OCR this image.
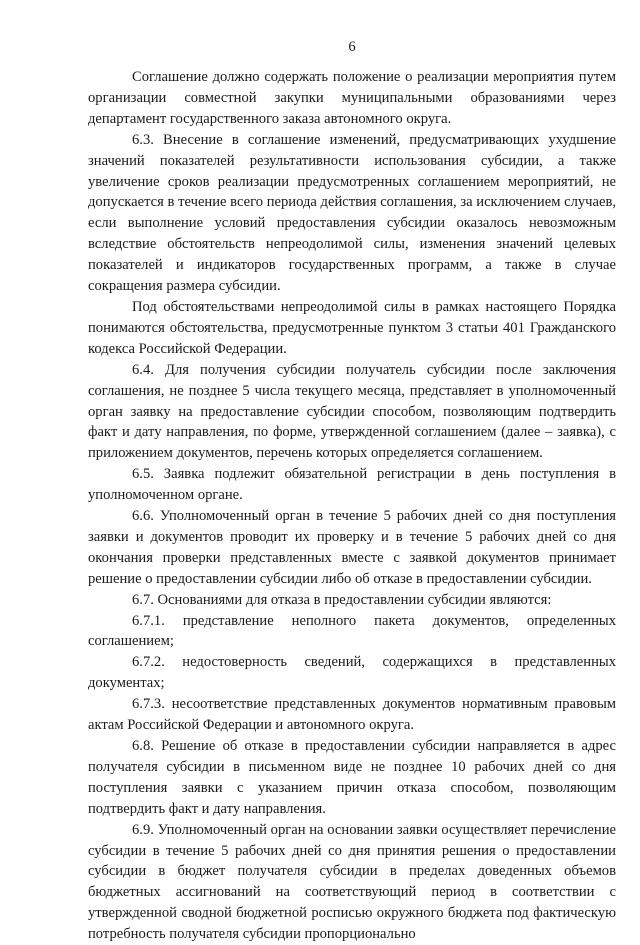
6

Соглашение должно содержать положение о реализации мероприятия путем организации совместной закупки муниципальными образованиями через департамент государственного заказа автономного округа.

6.3. Внесение в соглашение изменений, предусматривающих ухудшение значений показателей результативности использования субсидии, а также увеличение сроков реализации предусмотренных соглашением мероприятий, не допускается в течение всего периода действия соглашения, за исключением случаев, если выполнение условий предоставления субсидии оказалось невозможным вследствие обстоятельств непреодолимой силы, изменения значений целевых показателей и индикаторов государственных программ, а также в случае сокращения размера субсидии.

Под обстоятельствами непреодолимой силы в рамках настоящего Порядка понимаются обстоятельства, предусмотренные пунктом 3 статьи 401 Гражданского кодекса Российской Федерации.

6.4. Для получения субсидии получатель субсидии после заключения соглашения, не позднее 5 числа текущего месяца, представляет в уполномоченный орган заявку на предоставление субсидии способом, позволяющим подтвердить факт и дату направления, по форме, утвержденной соглашением (далее – заявка), с приложением документов, перечень которых определяется соглашением.

6.5. Заявка подлежит обязательной регистрации в день поступления в уполномоченном органе.

6.6. Уполномоченный орган в течение 5 рабочих дней со дня поступления заявки и документов проводит их проверку и в течение 5 рабочих дней со дня окончания проверки представленных вместе с заявкой документов принимает решение о предоставлении субсидии либо об отказе в предоставлении субсидии.

6.7. Основаниями для отказа в предоставлении субсидии являются:

6.7.1. представление неполного пакета документов, определенных соглашением;

6.7.2. недостоверность сведений, содержащихся в представленных документах;

6.7.3. несоответствие представленных документов нормативным правовым актам Российской Федерации и автономного округа.

6.8. Решение об отказе в предоставлении субсидии направляется в адрес получателя субсидии в письменном виде не позднее 10 рабочих дней со дня поступления заявки с указанием причин отказа способом, позволяющим подтвердить факт и дату направления.

6.9. Уполномоченный орган на основании заявки осуществляет перечисление субсидии в течение 5 рабочих дней со дня принятия решения о предоставлении субсидии в бюджет получателя субсидии в пределах доведенных объемов бюджетных ассигнований на соответствующий период в соответствии с утвержденной сводной бюджетной росписью окружного бюджета под фактическую потребность получателя субсидии пропорционально
